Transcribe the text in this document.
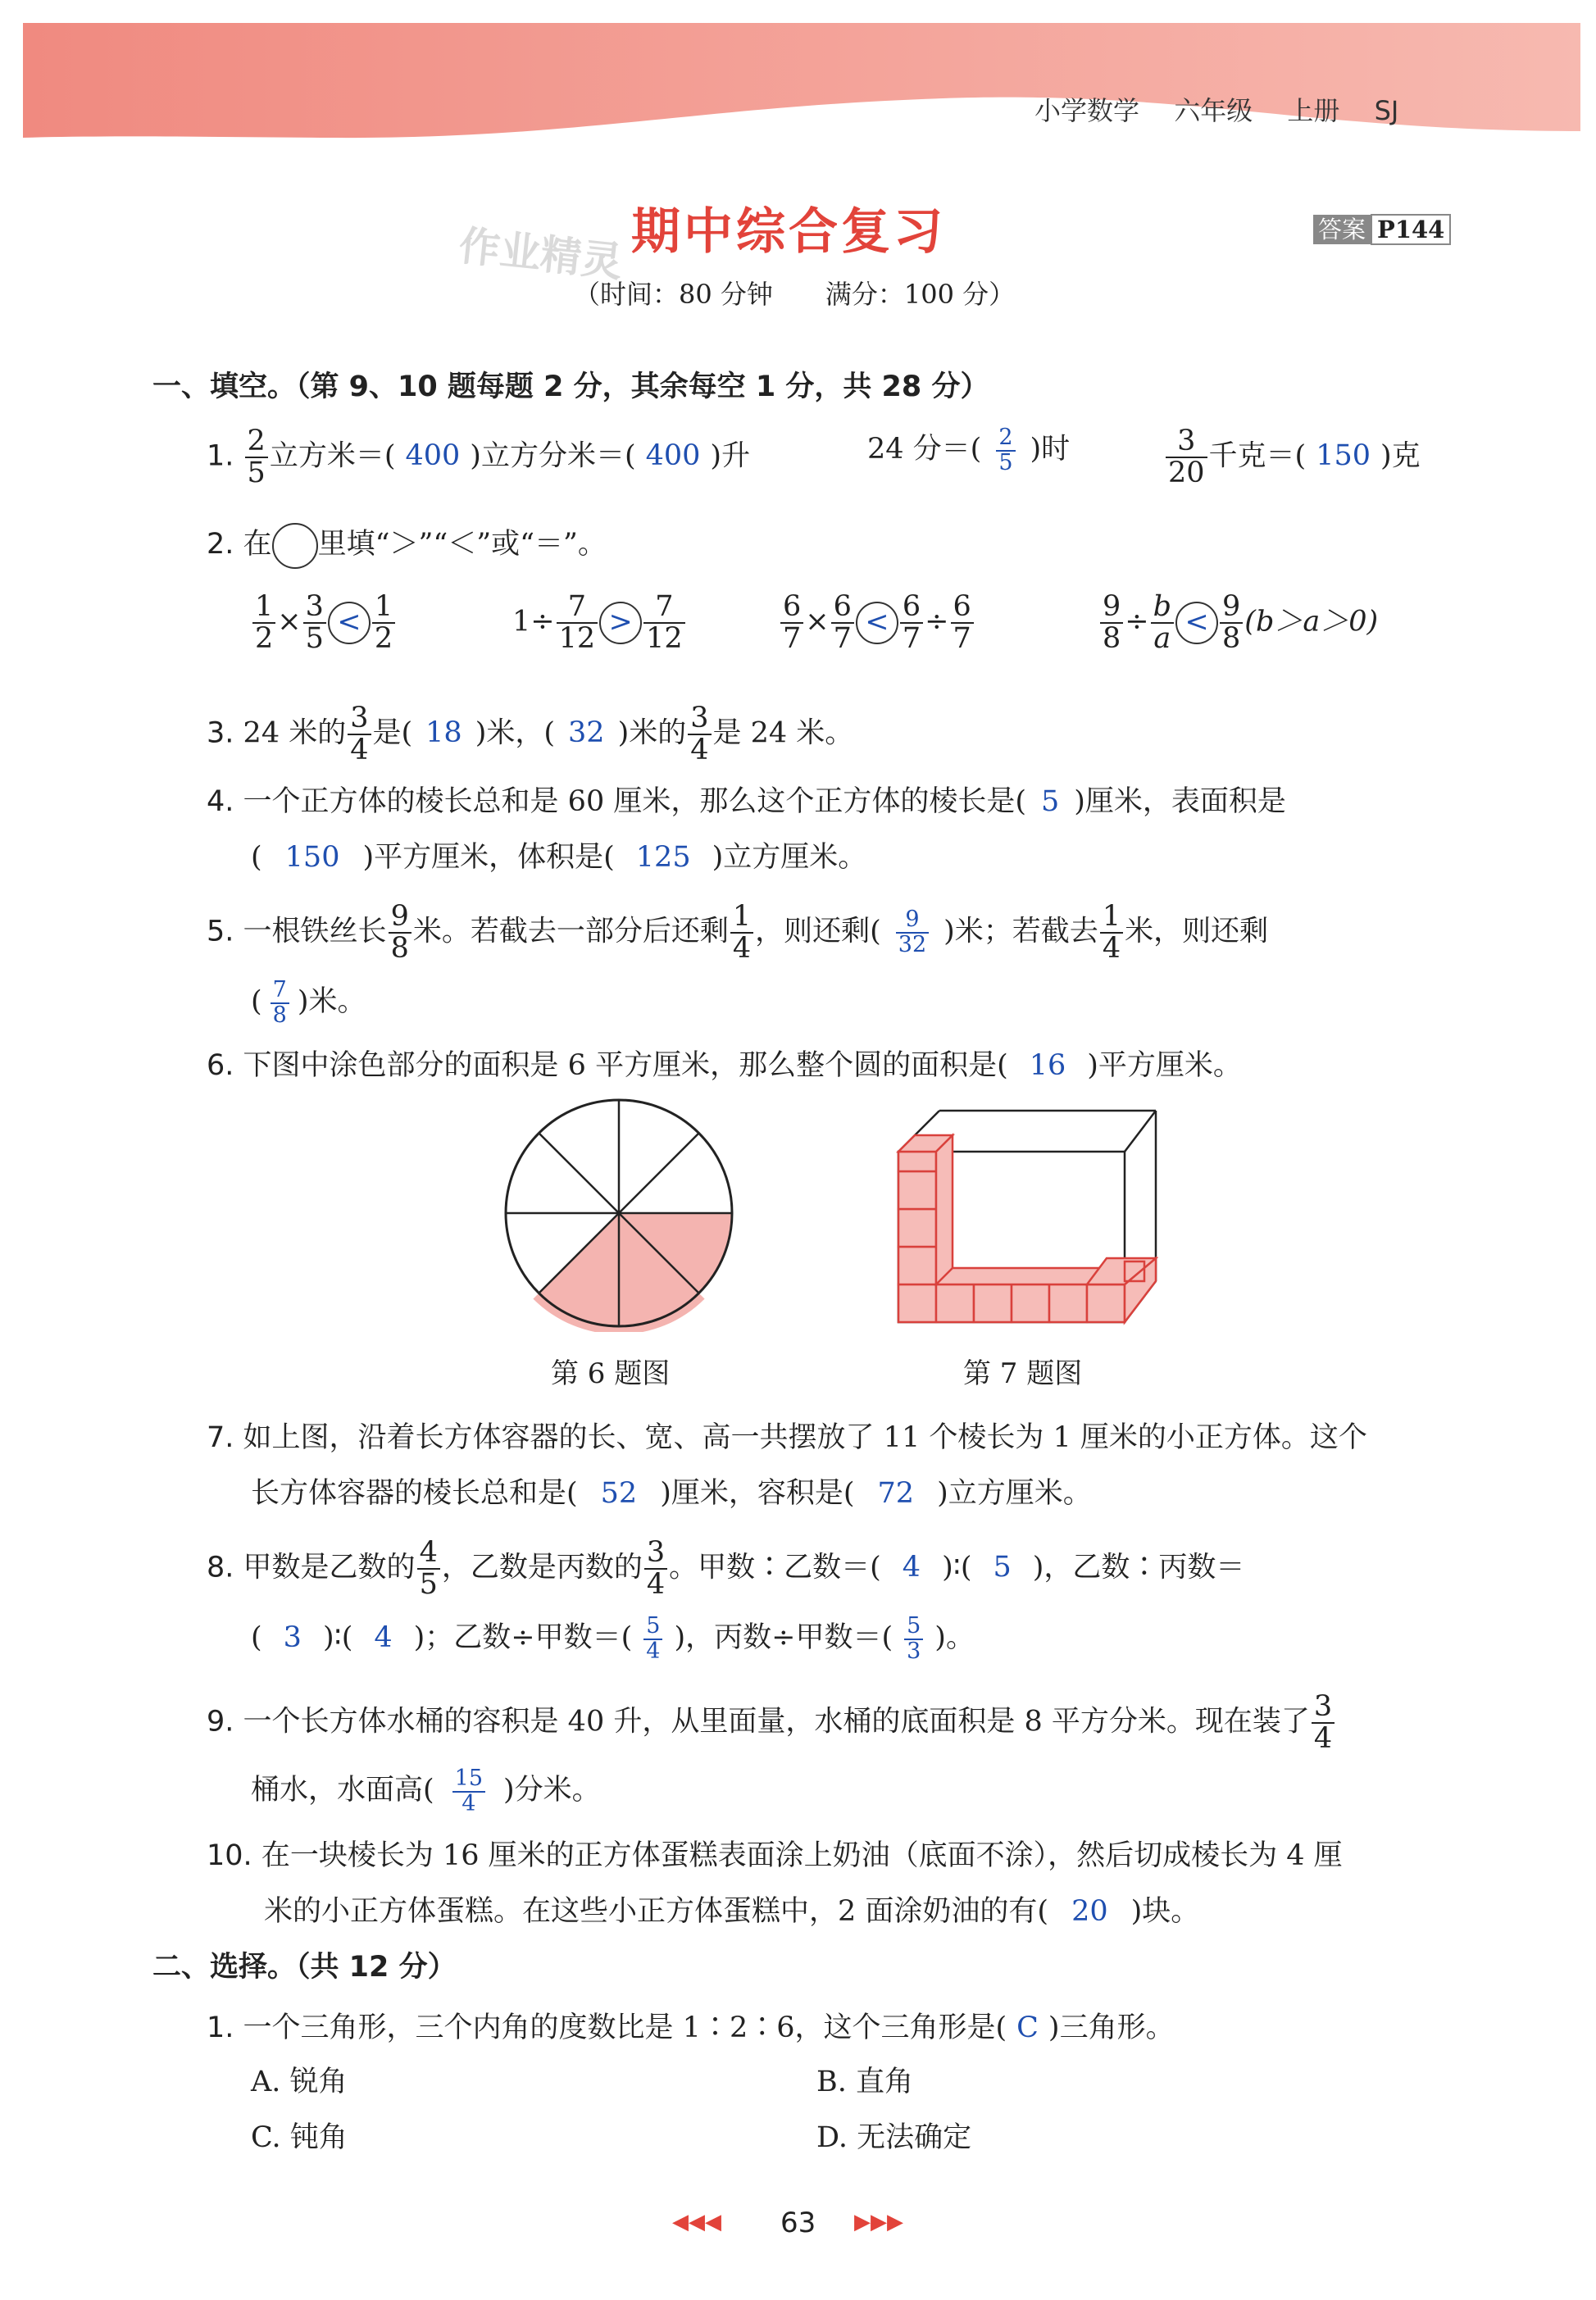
小学数学　 六年级　 上册　 SJ
期中综合复习
作业精灵	答案 P144
（时间：80 分钟　　满分：100 分）
一、填空。（第 9、10 题每题 2 分，其余每空 1 分，共 28 分）
1. $\frac{2}{5}$ 立方米＝( 400 )立方分米＝( 400 )升	24 分＝( $\frac{2}{5}$ )时	$\frac{3}{20}$ 千克＝( 150 )克
2. 在 里填“＞”“＜”或“＝”。
$\frac{1}{2} \times \frac{3}{5} < \frac{1}{2}$	$1\div \frac{7}{12} > \frac{7}{12}$	$\frac{6}{7} \times \frac{6}{7} < \frac{6}{7} \div \frac{6}{7}$	$\frac{9}{8} \div \frac{b}{a} < \frac{9}{8} (b>a>0)$
3. 24 米的 $\frac{3}{4}$ 是( 18 )米，( 32 )米的 $\frac{3}{4}$ 是 24 米。
4. 一个正方体的棱长总和是 60 厘米，那么这个正方体的棱长是( 5 )厘米，表面积是
( 150 )平方厘米，体积是( 125 )立方厘米。
5. 一根铁丝长 $\frac{9}{8}$ 米。若截去一部分后还剩 $\frac{1}{4}$ ，则还剩( $\frac{9}{32}$ )米；若截去 $\frac{1}{4}$ 米，则还剩
( $\frac{7}{8}$ )米。
6. 下图中涂色部分的面积是 6 平方厘米，那么整个圆的面积是( 16 )平方厘米。
第 6 题图	第 7 题图
7. 如上图，沿着长方体容器的长、宽、高一共摆放了 11 个棱长为 1 厘米的小正方体。这个
长方体容器的棱长总和是( 52 )厘米，容积是( 72 )立方厘米。
8. 甲数是乙数的 $\frac{4}{5}$ ，乙数是丙数的 $\frac{3}{4}$ 。甲数∶乙数＝( 4 )∶( 5 )，乙数∶丙数＝
( 3 )∶( 4 )；乙数÷甲数＝( $\frac{5}{4}$ )，丙数÷甲数＝( $\frac{5}{3}$ )。
9. 一个长方体水桶的容积是 40 升，从里面量，水桶的底面积是 8 平方分米。现在装了 $\frac{3}{4}$
桶水，水面高( $\frac{15}{4}$ )分米。
10. 在一块棱长为 16 厘米的正方体蛋糕表面涂上奶油（底面不涂），然后切成棱长为 4 厘
米的小正方体蛋糕。在这些小正方体蛋糕中，2 面涂奶油的有( 20 )块。
二、选择。（共 12 分）
1. 一个三角形，三个内角的度数比是 1∶2∶6，这个三角形是( C )三角形。
A. 锐角	B. 直角
C. 钝角	D. 无法确定
◀◀◀ 63 ▶▶▶
